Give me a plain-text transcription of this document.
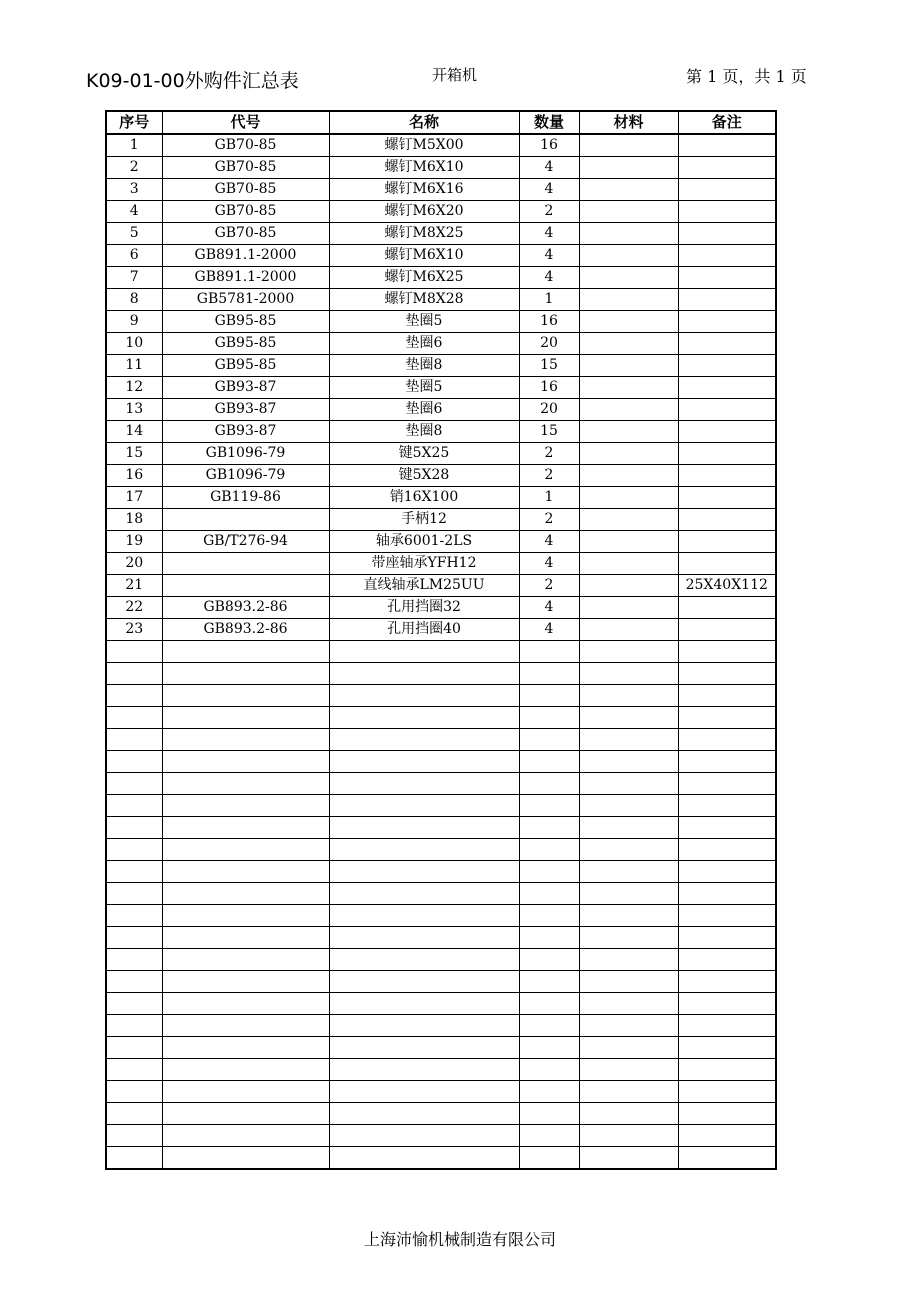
K09-01-00外购件汇总表	开箱机	第 1 页，共 1 页
序号	代号	名称	数量	材料	备注
1	GB70-85	螺钉M5X00	16		
2	GB70-85	螺钉M6X10	4		
3	GB70-85	螺钉M6X16	4		
4	GB70-85	螺钉M6X20	2		
5	GB70-85	螺钉M8X25	4		
6	GB891.1-2000	螺钉M6X10	4		
7	GB891.1-2000	螺钉M6X25	4		
8	GB5781-2000	螺钉M8X28	1		
9	GB95-85	垫圈5	16		
10	GB95-85	垫圈6	20		
11	GB95-85	垫圈8	15		
12	GB93-87	垫圈5	16		
13	GB93-87	垫圈6	20		
14	GB93-87	垫圈8	15		
15	GB1096-79	键5X25	2		
16	GB1096-79	键5X28	2		
17	GB119-86	销16X100	1		
18		手柄12	2		
19	GB/T276-94	轴承6001-2LS	4		
20		带座轴承YFH12	4		
21		直线轴承LM25UU	2		25X40X112
22	GB893.2-86	孔用挡圈32	4		
23	GB893.2-86	孔用挡圈40	4		

上海沛愉机械制造有限公司
